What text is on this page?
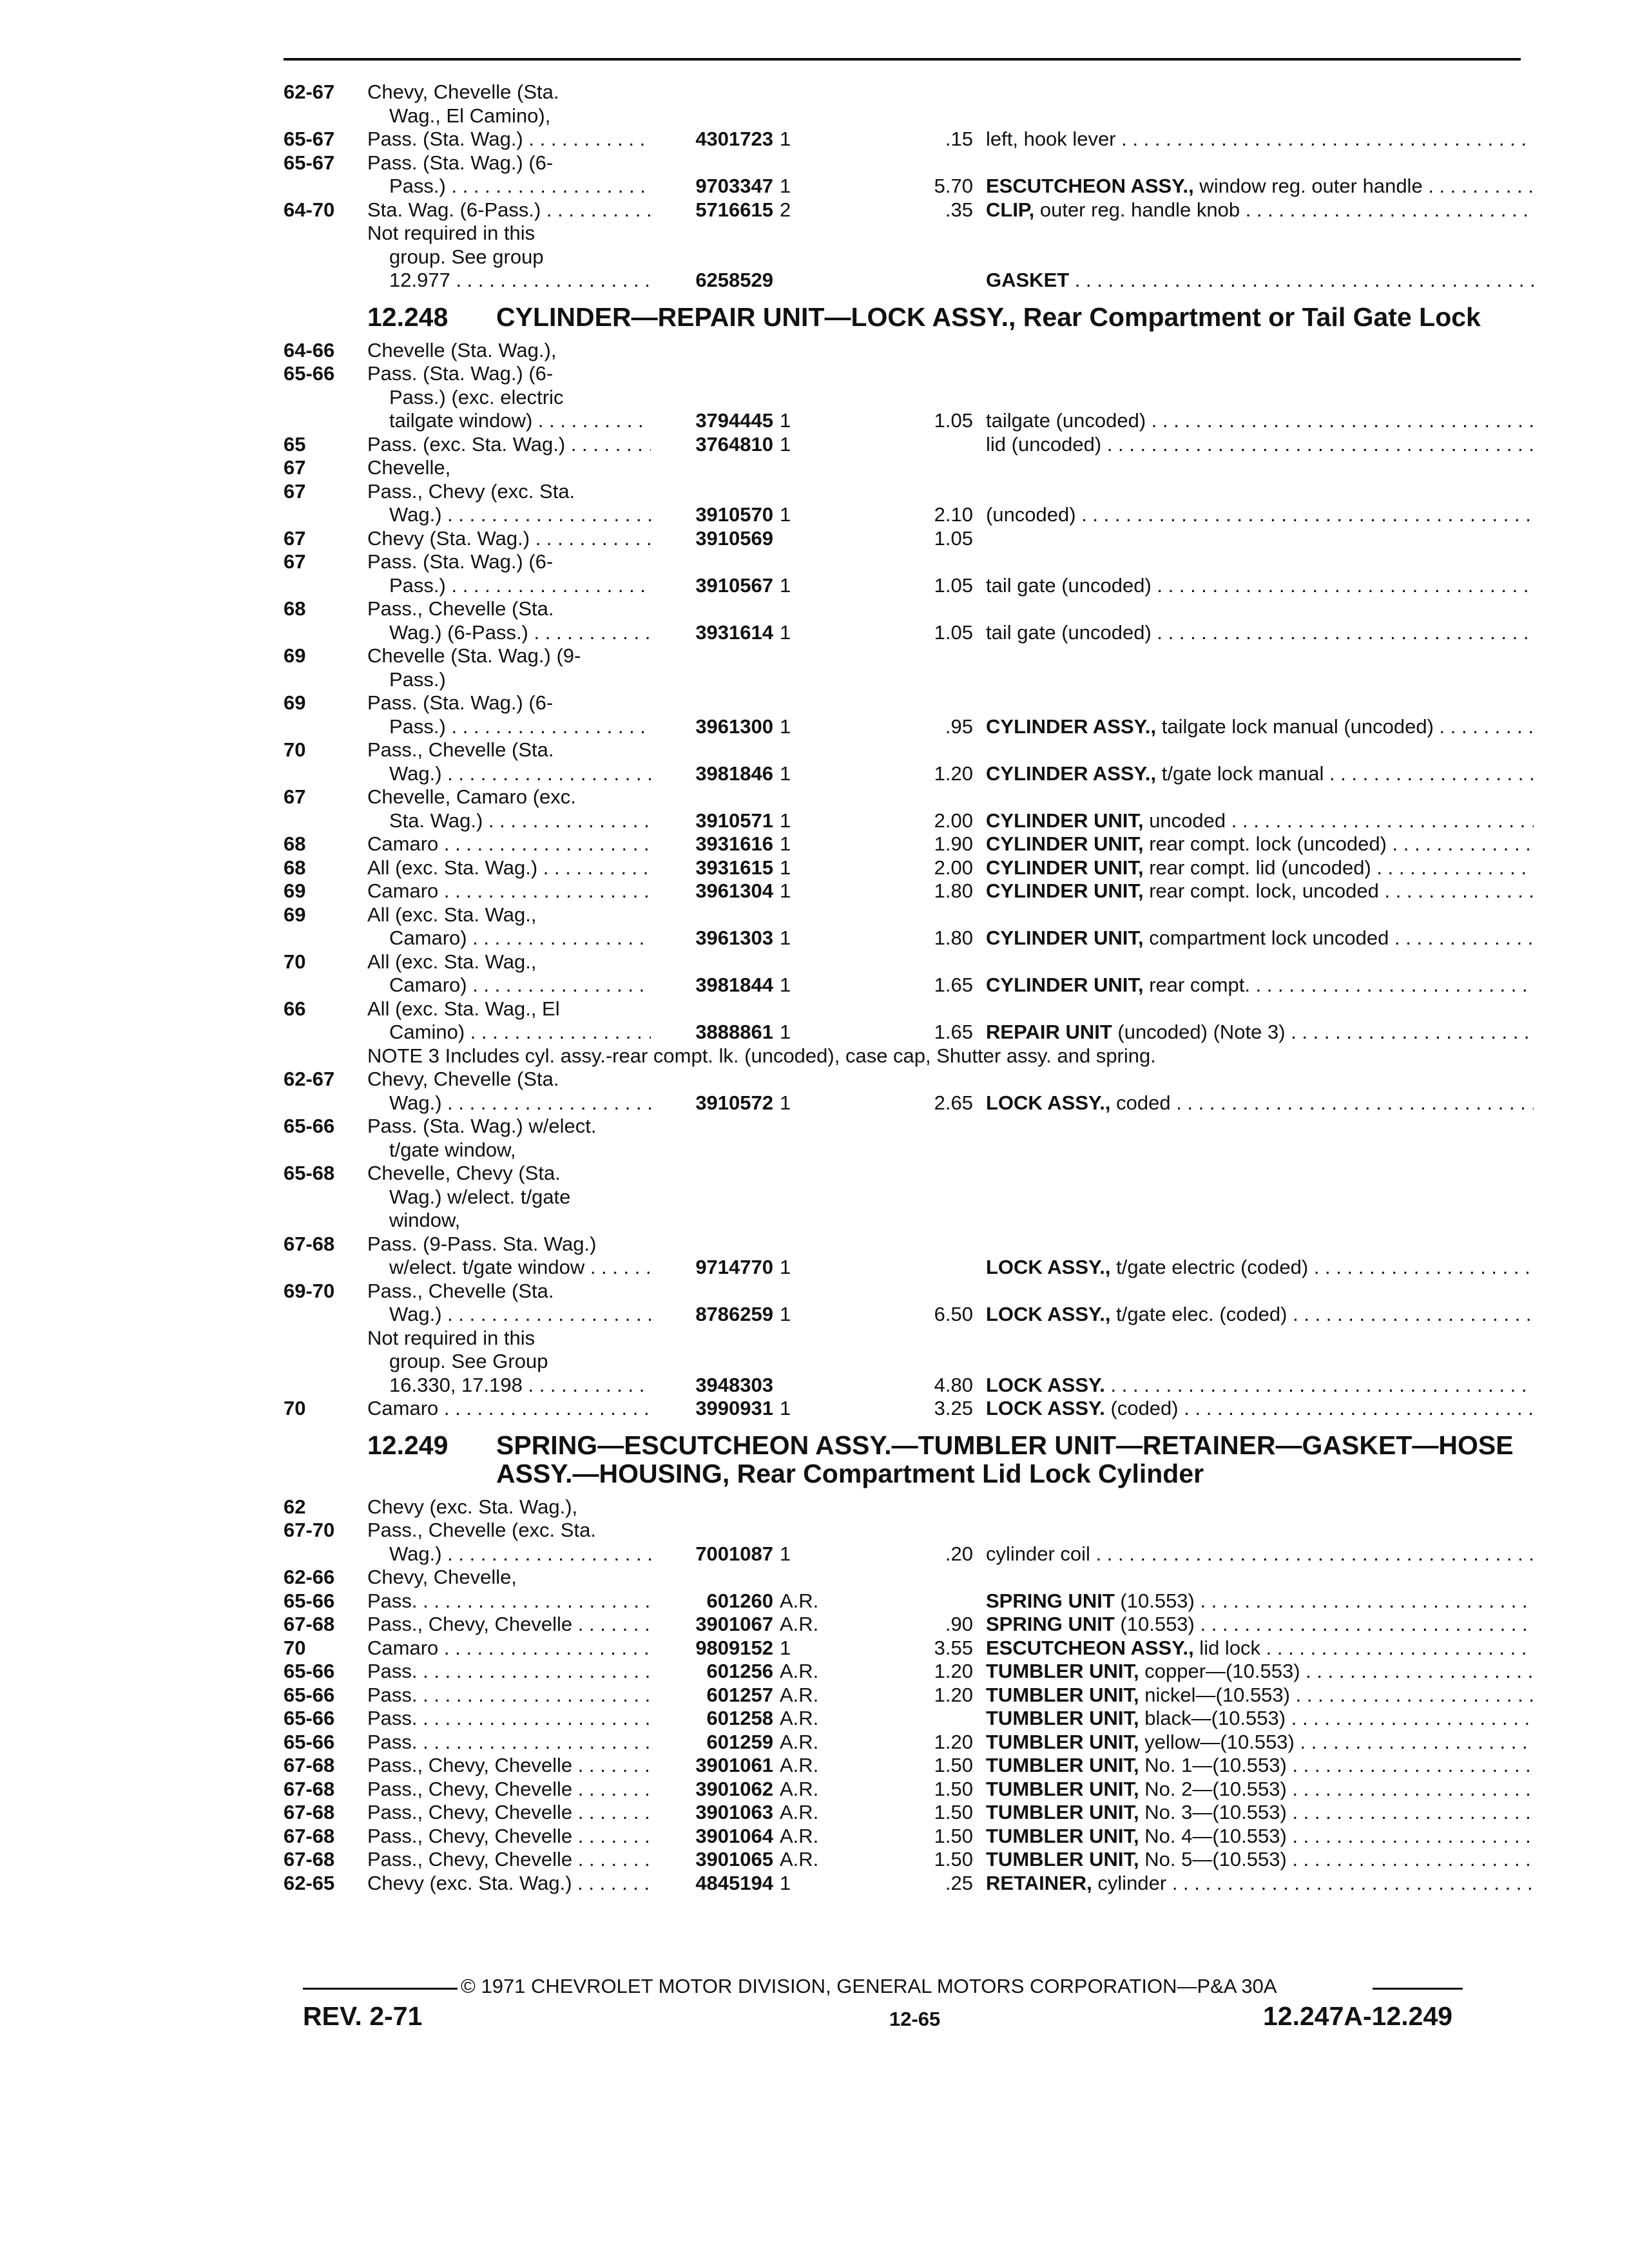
62-67 Chevy, Chevelle (Sta.
Wag., El Camino),
65-67 Pass. (Sta. Wag.) . . .	4301723 1	.15 left, hook lever . . .
65-67 Pass. (Sta. Wag.) (6-
Pass.) . . .	9703347 1	5.70 ESCUTCHEON ASSY., window reg. outer handle . . .
64-70 Sta. Wag. (6-Pass.) . . .	5716615 2	.35 CLIP, outer reg. handle knob . . .
Not required in this
group. See group
12.977 . . .	6258529	GASKET . . .
12.248 CYLINDER—REPAIR UNIT—LOCK ASSY., Rear Compartment or Tail Gate Lock
64-66 Chevelle (Sta. Wag.),
65-66 Pass. (Sta. Wag.) (6-
Pass.) (exc. electric
tailgate window) . . .	3794445 1	1.05 tailgate (uncoded) . . .
65	Pass. (exc. Sta. Wag.) . . .	3764810 1	lid (uncoded) . . .
67	Chevelle,
67	Pass., Chevy (exc. Sta.
Wag.) . . .	3910570 1	2.10 (uncoded) . . .
67	Chevy (Sta. Wag.) . . .	3910569	1.05
67	Pass. (Sta. Wag.) (6-
Pass.) . . .	3910567 1	1.05 tail gate (uncoded) . . .
68	Pass., Chevelle (Sta.
Wag.) (6-Pass.) . . .	3931614 1	1.05 tail gate (uncoded) . . .
69	Chevelle (Sta. Wag.) (9-
Pass.)
69	Pass. (Sta. Wag.) (6-
Pass.) . . .	3961300 1	.95 CYLINDER ASSY., tailgate lock manual (uncoded) . . .
70	Pass., Chevelle (Sta.
Wag.) . . .	3981846 1	1.20 CYLINDER ASSY., t/gate lock manual . . .
67	Chevelle, Camaro (exc.
Sta. Wag.) . . .	3910571 1	2.00 CYLINDER UNIT, uncoded . . .
68	Camaro . . .	3931616 1	1.90 CYLINDER UNIT, rear compt. lock (uncoded) . . .
68	All (exc. Sta. Wag.) . . .	3931615 1	2.00 CYLINDER UNIT, rear compt. lid (uncoded) . . .
69	Camaro . . .	3961304 1	1.80 CYLINDER UNIT, rear compt. lock, uncoded . . .
69	All (exc. Sta. Wag.,
Camaro) . . .	3961303 1	1.80 CYLINDER UNIT, compartment lock uncoded . . .
70	All (exc. Sta. Wag.,
Camaro) . . .	3981844 1	1.65 CYLINDER UNIT, rear compt. . . .
66	All (exc. Sta. Wag., El
Camino) . . .	3888861 1	1.65 REPAIR UNIT (uncoded) (Note 3) . . .
NOTE 3 Includes cyl. assy.-rear compt. lk. (uncoded), case cap, Shutter assy. and spring.
62-67 Chevy, Chevelle (Sta.
Wag.) . . .	3910572 1	2.65 LOCK ASSY., coded . . .
65-66 Pass. (Sta. Wag.) w/elect.
t/gate window,
65-68 Chevelle, Chevy (Sta.
Wag.) w/elect. t/gate
window,
67-68 Pass. (9-Pass. Sta. Wag.)
w/elect. t/gate window . . .	9714770 1	LOCK ASSY., t/gate electric (coded) . . .
69-70 Pass., Chevelle (Sta.
Wag.) . . .	8786259 1	6.50 LOCK ASSY., t/gate elec. (coded) . . .
Not required in this
group. See Group
16.330, 17.198 . . .	3948303	4.80 LOCK ASSY. . . .
70	Camaro . . .	3990931 1	3.25 LOCK ASSY. (coded) . . .
12.249 SPRING—ESCUTCHEON ASSY.—TUMBLER UNIT—RETAINER—GASKET—HOSE ASSY.—HOUSING, Rear Compartment Lid Lock Cylinder
62	Chevy (exc. Sta. Wag.),
67-70 Pass., Chevelle (exc. Sta.
Wag.) . . .	7001087 1	.20 cylinder coil . . .
62-66 Chevy, Chevelle,
65-66 Pass. . . .	601260 A.R.	SPRING UNIT (10.553) . . .
67-68 Pass., Chevy, Chevelle . . .	3901067 A.R.	.90 SPRING UNIT (10.553) . . .
70	Camaro . . .	9809152 1	3.55 ESCUTCHEON ASSY., lid lock . . .
65-66 Pass. . . .	601256 A.R.	1.20 TUMBLER UNIT, copper—(10.553) . . .
65-66 Pass. . . .	601257 A.R.	1.20 TUMBLER UNIT, nickel—(10.553) . . .
65-66 Pass. . . .	601258 A.R.	TUMBLER UNIT, black—(10.553) . . .
65-66 Pass. . . .	601259 A.R.	1.20 TUMBLER UNIT, yellow—(10.553) . . .
67-68 Pass., Chevy, Chevelle . . .	3901061 A.R.	1.50 TUMBLER UNIT, No. 1—(10.553) . . .
67-68 Pass., Chevy, Chevelle . . .	3901062 A.R.	1.50 TUMBLER UNIT, No. 2—(10.553) . . .
67-68 Pass., Chevy, Chevelle . . .	3901063 A.R.	1.50 TUMBLER UNIT, No. 3—(10.553) . . .
67-68 Pass., Chevy, Chevelle . . .	3901064 A.R.	1.50 TUMBLER UNIT, No. 4—(10.553) . . .
67-68 Pass., Chevy, Chevelle . . .	3901065 A.R.	1.50 TUMBLER UNIT, No. 5—(10.553) . . .
62-65 Chevy (exc. Sta. Wag.) . . .	4845194 1	.25 RETAINER, cylinder . . .
© 1971 CHEVROLET MOTOR DIVISION, GENERAL MOTORS CORPORATION—P&A 30A
REV. 2-71	12-65	12.247A-12.249
